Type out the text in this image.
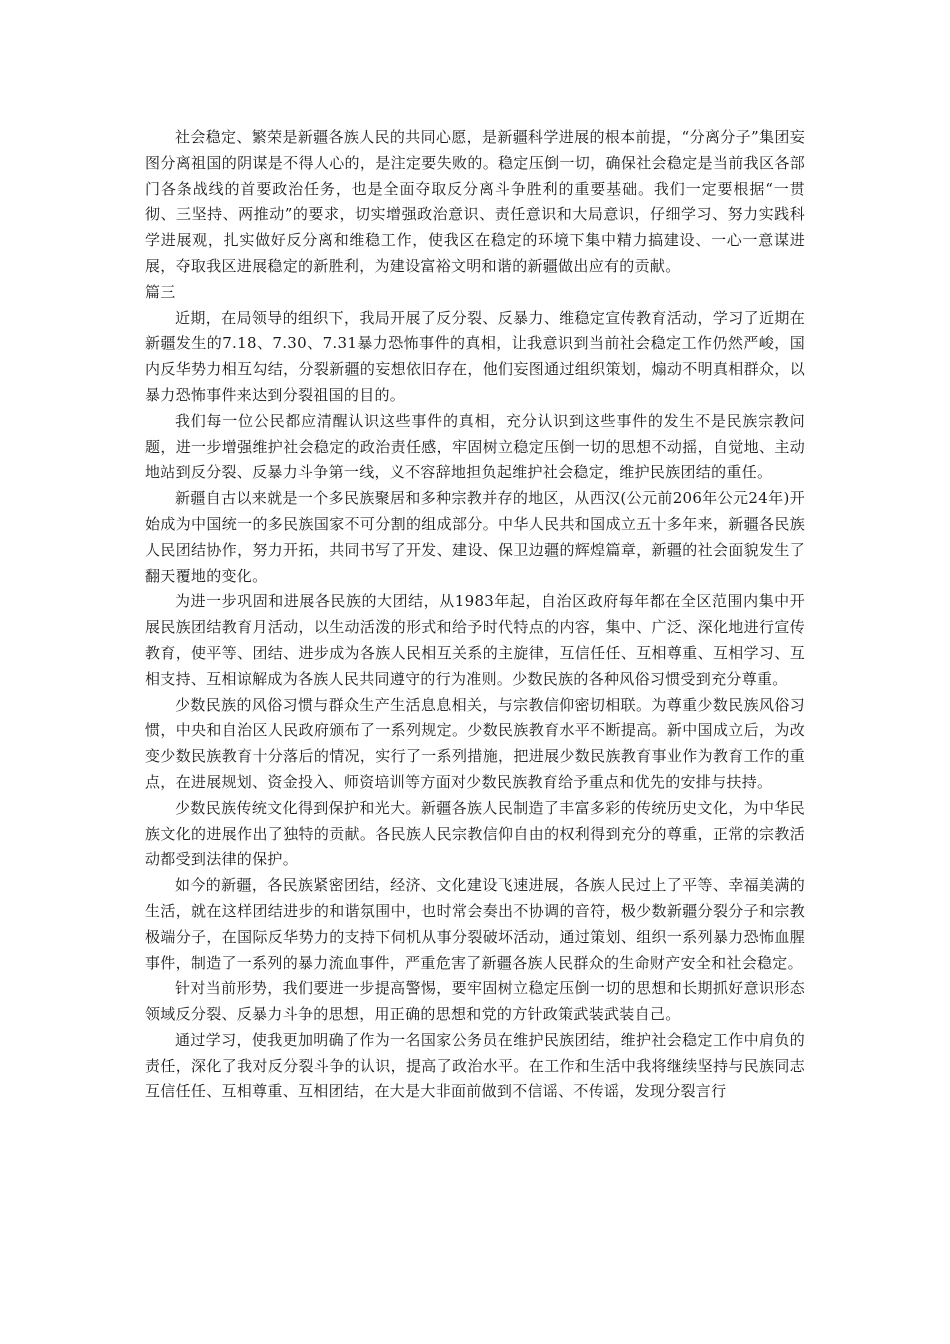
社会稳定、繁荣是新疆各族人民的共同心愿，是新疆科学进展的根本前提，“分离分子”集团妄图分离祖国的阴谋是不得人心的，是注定要失败的。稳定压倒一切，确保社会稳定是当前我区各部门各条战线的首要政治任务，也是全面夺取反分离斗争胜利的重要基础。我们一定要根据“一贯彻、三坚持、两推动”的要求，切实增强政治意识、责任意识和大局意识，仔细学习、努力实践科学进展观，扎实做好反分离和维稳工作，使我区在稳定的环境下集中精力搞建设、一心一意谋进展，夺取我区进展稳定的新胜利，为建设富裕文明和谐的新疆做出应有的贡献。

篇三

近期，在局领导的组织下，我局开展了反分裂、反暴力、维稳定宣传教育活动，学习了近期在新疆发生的7.18、7.30、7.31暴力恐怖事件的真相，让我意识到当前社会稳定工作仍然严峻，国内反华势力相互勾结，分裂新疆的妄想依旧存在，他们妄图通过组织策划，煽动不明真相群众，以暴力恐怖事件来达到分裂祖国的目的。

我们每一位公民都应清醒认识这些事件的真相，充分认识到这些事件的发生不是民族宗教问题，进一步增强维护社会稳定的政治责任感，牢固树立稳定压倒一切的思想不动摇，自觉地、主动地站到反分裂、反暴力斗争第一线，义不容辞地担负起维护社会稳定，维护民族团结的重任。

新疆自古以来就是一个多民族聚居和多种宗教并存的地区，从西汉(公元前206年公元24年)开始成为中国统一的多民族国家不可分割的组成部分。中华人民共和国成立五十多年来，新疆各民族人民团结协作，努力开拓，共同书写了开发、建设、保卫边疆的辉煌篇章，新疆的社会面貌发生了翻天覆地的变化。

为进一步巩固和进展各民族的大团结，从1983年起，自治区政府每年都在全区范围内集中开展民族团结教育月活动，以生动活泼的形式和给予时代特点的内容，集中、广泛、深化地进行宣传教育，使平等、团结、进步成为各族人民相互关系的主旋律，互信任任、互相尊重、互相学习、互相支持、互相谅解成为各族人民共同遵守的行为准则。少数民族的各种风俗习惯受到充分尊重。

少数民族的风俗习惯与群众生产生活息息相关，与宗教信仰密切相联。为尊重少数民族风俗习惯，中央和自治区人民政府颁布了一系列规定。少数民族教育水平不断提高。新中国成立后，为改变少数民族教育十分落后的情况，实行了一系列措施，把进展少数民族教育事业作为教育工作的重点，在进展规划、资金投入、师资培训等方面对少数民族教育给予重点和优先的安排与扶持。

少数民族传统文化得到保护和光大。新疆各族人民制造了丰富多彩的传统历史文化，为中华民族文化的进展作出了独特的贡献。各民族人民宗教信仰自由的权利得到充分的尊重，正常的宗教活动都受到法律的保护。

如今的新疆，各民族紧密团结，经济、文化建设飞速进展，各族人民过上了平等、幸福美满的生活，就在这样团结进步的和谐氛围中，也时常会奏出不协调的音符，极少数新疆分裂分子和宗教极端分子，在国际反华势力的支持下伺机从事分裂破坏活动，通过策划、组织一系列暴力恐怖血腥事件，制造了一系列的暴力流血事件，严重危害了新疆各族人民群众的生命财产安全和社会稳定。

针对当前形势，我们要进一步提高警惕，要牢固树立稳定压倒一切的思想和长期抓好意识形态领域反分裂、反暴力斗争的思想，用正确的思想和党的方针政策武装武装自己。

通过学习，使我更加明确了作为一名国家公务员在维护民族团结，维护社会稳定工作中肩负的责任，深化了我对反分裂斗争的认识，提高了政治水平。在工作和生活中我将继续坚持与民族同志互信任任、互相尊重、互相团结，在大是大非面前做到不信谣、不传谣，发现分裂言行
